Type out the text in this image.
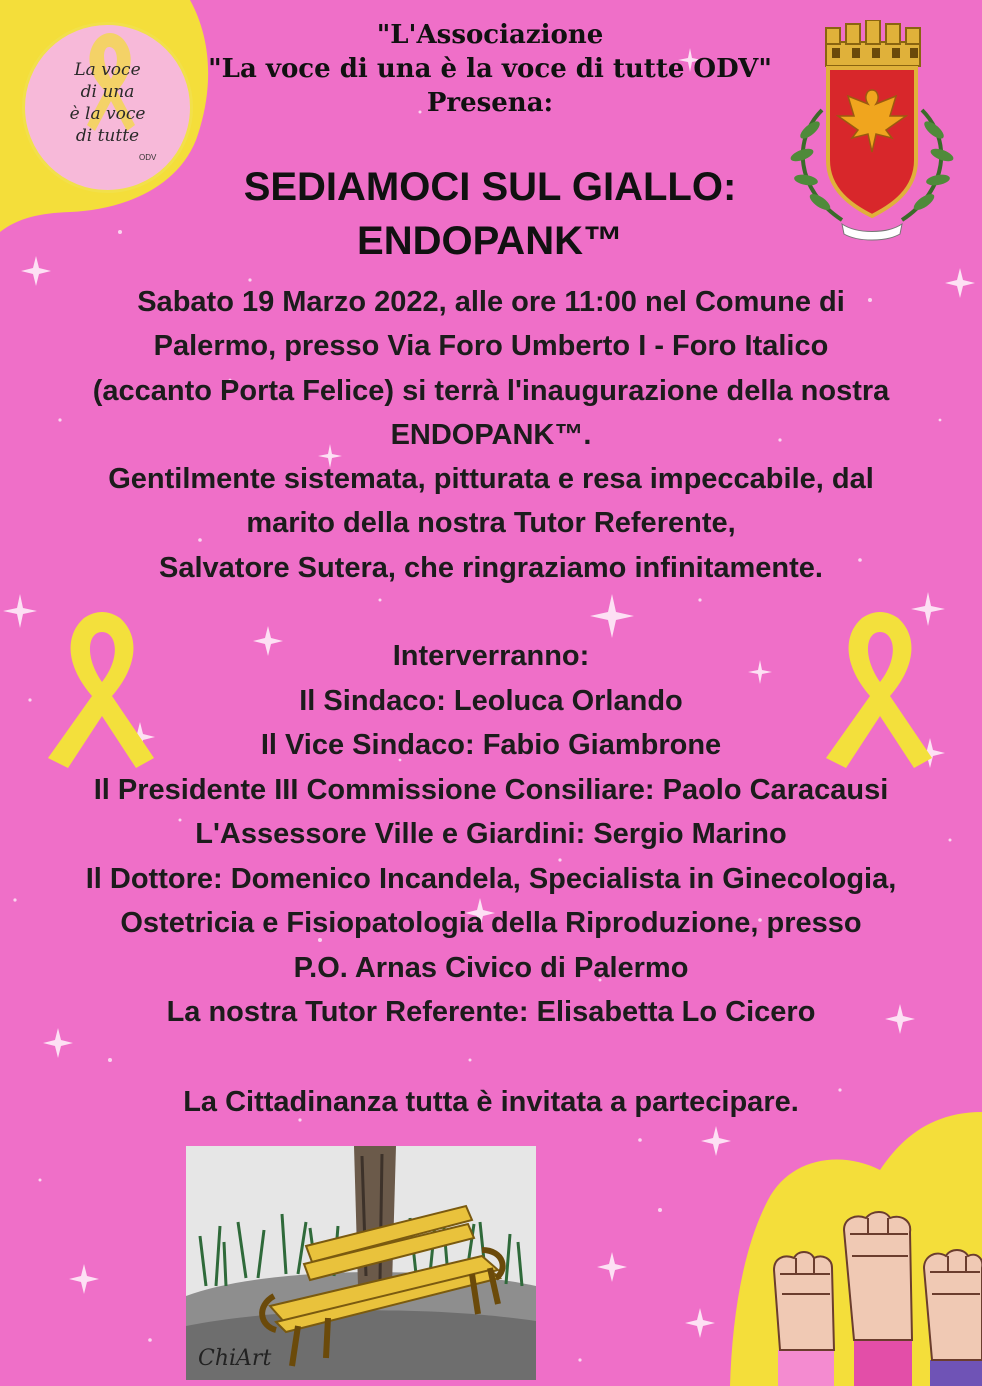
La voce
di una
è la voce
di tutte
ODV
"L'Associazione
"La voce di una è la voce di tutte ODV"
Presena:
SEDIAMOCI SUL GIALLO:
ENDOPANK™
Sabato 19 Marzo 2022, alle ore 11:00 nel Comune di
Palermo, presso Via Foro Umberto I - Foro Italico
(accanto Porta Felice) si terrà l'inaugurazione della nostra
ENDOPANK™.
Gentilmente sistemata, pitturata e resa impeccabile, dal
marito della nostra Tutor Referente,
Salvatore Sutera, che ringraziamo infinitamente.
Interverranno:
Il Sindaco: Leoluca Orlando
Il Vice Sindaco: Fabio Giambrone
Il Presidente III Commissione Consiliare: Paolo Caracausi
L'Assessore Ville e Giardini: Sergio Marino
Il Dottore: Domenico Incandela, Specialista in Ginecologia,
Ostetricia e Fisiopatologia della Riproduzione, presso
P.O. Arnas Civico di Palermo
La nostra Tutor Referente: Elisabetta Lo Cicero
La Cittadinanza tutta è invitata a partecipare.
ChiArt
